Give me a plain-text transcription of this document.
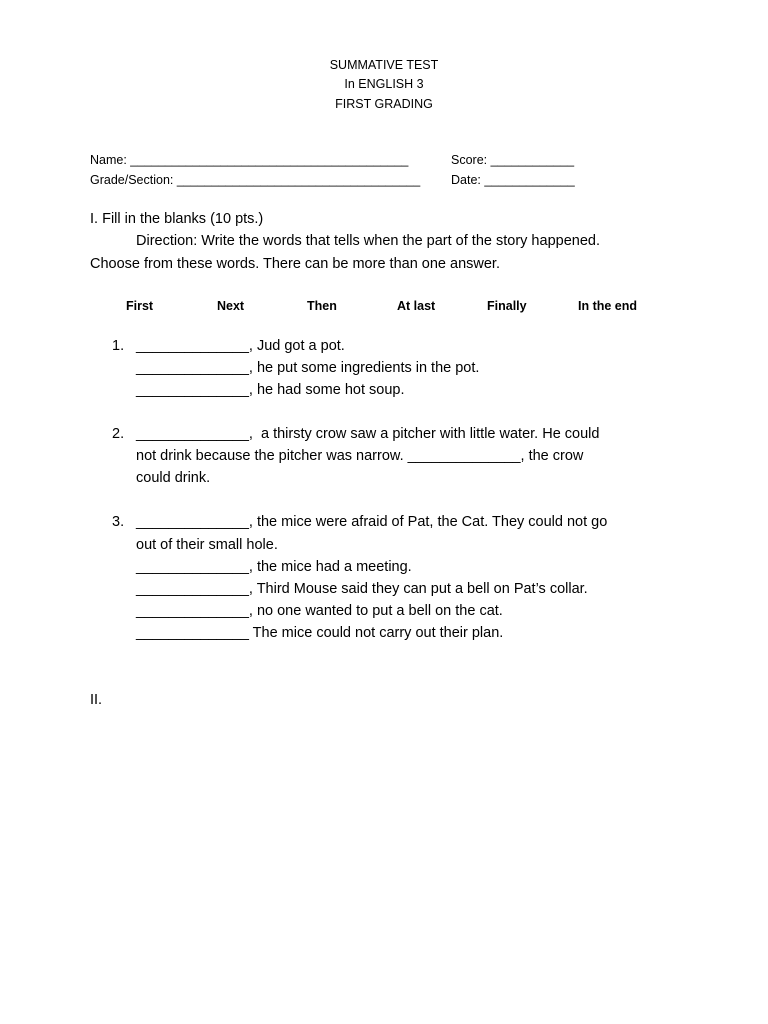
SUMMATIVE TEST
In ENGLISH 3
FIRST GRADING
Name: ________________________________________	Score: ____________
Grade/Section: ___________________________________ Date: _____________
I. Fill in the blanks (10 pts.)
Direction: Write the words that tells when the part of the story happened.
Choose from these words. There can be more than one answer.
First	Next	Then	At last	Finally	In the end
1. ______________, Jud got a pot.
______________, he put some ingredients in the pot.
______________, he had some hot soup.
2. ______________,  a thirsty crow saw a pitcher with little water. He could
not drink because the pitcher was narrow. ______________, the crow
could drink.
3. ______________, the mice were afraid of Pat, the Cat. They could not go
out of their small hole.
______________, the mice had a meeting.
______________, Third Mouse said they can put a bell on Pat’s collar.
______________, no one wanted to put a bell on the cat.
______________ The mice could not carry out their plan.
II.
